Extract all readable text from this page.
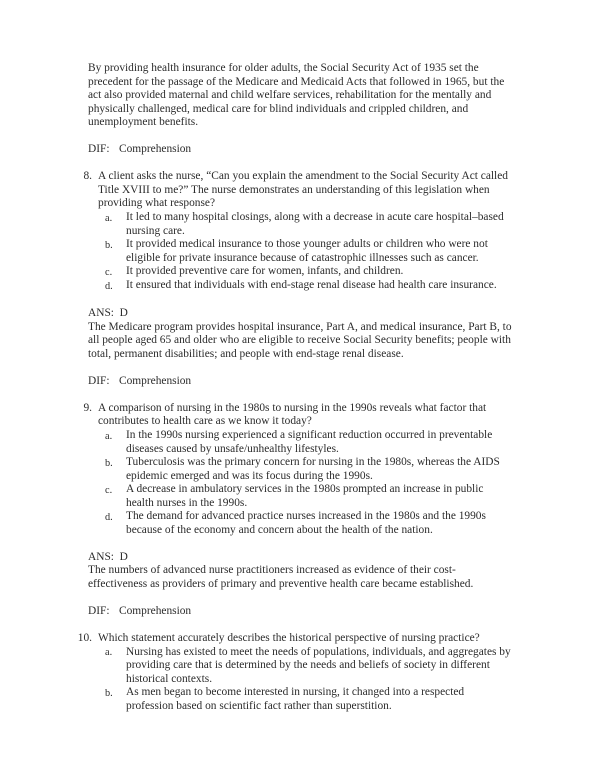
By providing health insurance for older adults, the Social Security Act of 1935 set the precedent for the passage of the Medicare and Medicaid Acts that followed in 1965, but the act also provided maternal and child welfare services, rehabilitation for the mentally and physically challenged, medical care for blind individuals and crippled children, and unemployment benefits.

DIF: Comprehension
8. A client asks the nurse, “Can you explain the amendment to the Social Security Act called Title XVIII to me?” The nurse demonstrates an understanding of this legislation when providing what response?
a.	It led to many hospital closings, along with a decrease in acute care hospital–based nursing care.
b.	It provided medical insurance to those younger adults or children who were not eligible for private insurance because of catastrophic illnesses such as cancer.
c.	It provided preventive care for women, infants, and children.
d.	It ensured that individuals with end-stage renal disease had health care insurance.
ANS:  D

The Medicare program provides hospital insurance, Part A, and medical insurance, Part B, to all people aged 65 and older who are eligible to receive Social Security benefits; people with total, permanent disabilities; and people with end-stage renal disease.

DIF: Comprehension
9. A comparison of nursing in the 1980s to nursing in the 1990s reveals what factor that contributes to health care as we know it today?
a.	In the 1990s nursing experienced a significant reduction occurred in preventable diseases caused by unsafe/unhealthy lifestyles.
b.	Tuberculosis was the primary concern for nursing in the 1980s, whereas the AIDS epidemic emerged and was its focus during the 1990s.
c.	A decrease in ambulatory services in the 1980s prompted an increase in public health nurses in the 1990s.
d.	The demand for advanced practice nurses increased in the 1980s and the 1990s because of the economy and concern about the health of the nation.
ANS:  D

The numbers of advanced nurse practitioners increased as evidence of their cost-effectiveness as providers of primary and preventive health care became established.

DIF: Comprehension
10. Which statement accurately describes the historical perspective of nursing practice?
a.	Nursing has existed to meet the needs of populations, individuals, and aggregates by providing care that is determined by the needs and beliefs of society in different historical contexts.
b.	As men began to become interested in nursing, it changed into a respected profession based on scientific fact rather than superstition.
